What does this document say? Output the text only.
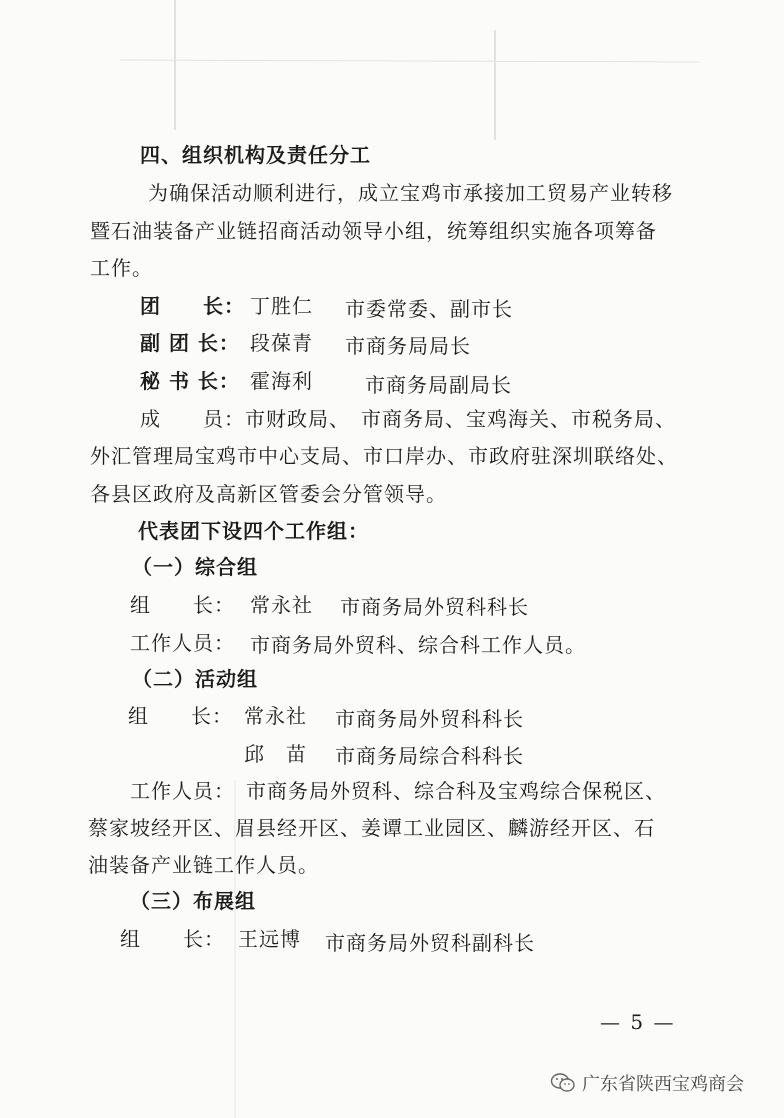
四、组织机构及责任分工
为确保活动顺利进行，成立宝鸡市承接加工贸易产业转移
暨石油装备产业链招商活动领导小组，统筹组织实施各项筹备
工作。
团　　长： 丁胜仁 市委常委、副市长
副 团 长： 段葆青 市商务局局长
秘 书 长： 霍海利	市商务局副局长
成　　员：市财政局、　市商务局、宝鸡海关、市税务局、
外汇管理局宝鸡市中心支局、市口岸办、市政府驻深圳联络处、
各县区政府及高新区管委会分管领导。
代表团下设四个工作组：
（一）综合组
组　　长： 常永社 市商务局外贸科科长
工作人员： 市商务局外贸科、综合科工作人员。
（二）活动组
组　　长： 常永社 市商务局外贸科科长
邱　苗 市商务局综合科科长
工作人员：　市商务局外贸科、综合科及宝鸡综合保税区、
蔡家坡经开区、眉县经开区、姜谭工业园区、麟游经开区、石
油装备产业链工作人员。
（三）布展组
组　　长： 王远博 市商务局外贸科副科长
— 5 —
广东省陕西宝鸡商会
